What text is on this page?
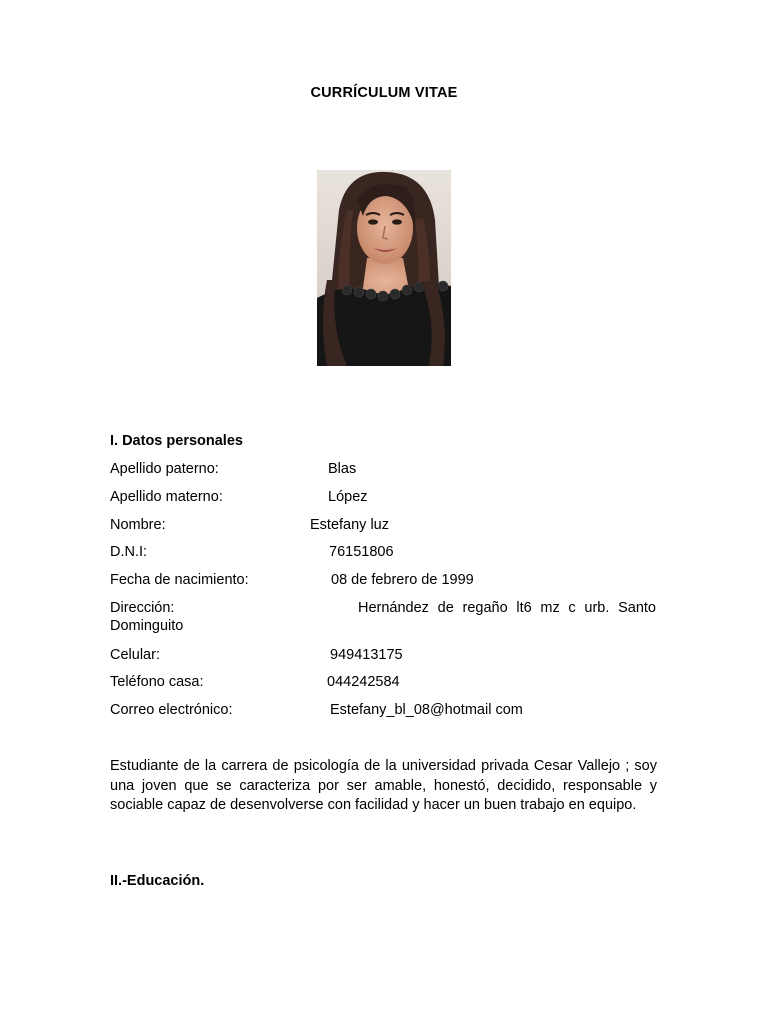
CURRÍCULUM VITAE
I. Datos personales
Apellido paterno:	Blas
Apellido materno:	López
Nombre:	Estefany luz
D.N.I:	76151806
Fecha de nacimiento:	08 de febrero de 1999
Dirección:	Hernández de regaño lt6 mz c urb. Santo
Dominguito
Celular:	949413175
Teléfono casa:	044242584
Correo electrónico:	Estefany_bl_08@hotmail com
Estudiante de la carrera de psicología de la universidad privada Cesar Vallejo ; soy una joven que se caracteriza por ser amable, honestó, decidido, responsable y sociable capaz de desenvolverse con facilidad y hacer un buen trabajo en equipo.
II.-Educación.
